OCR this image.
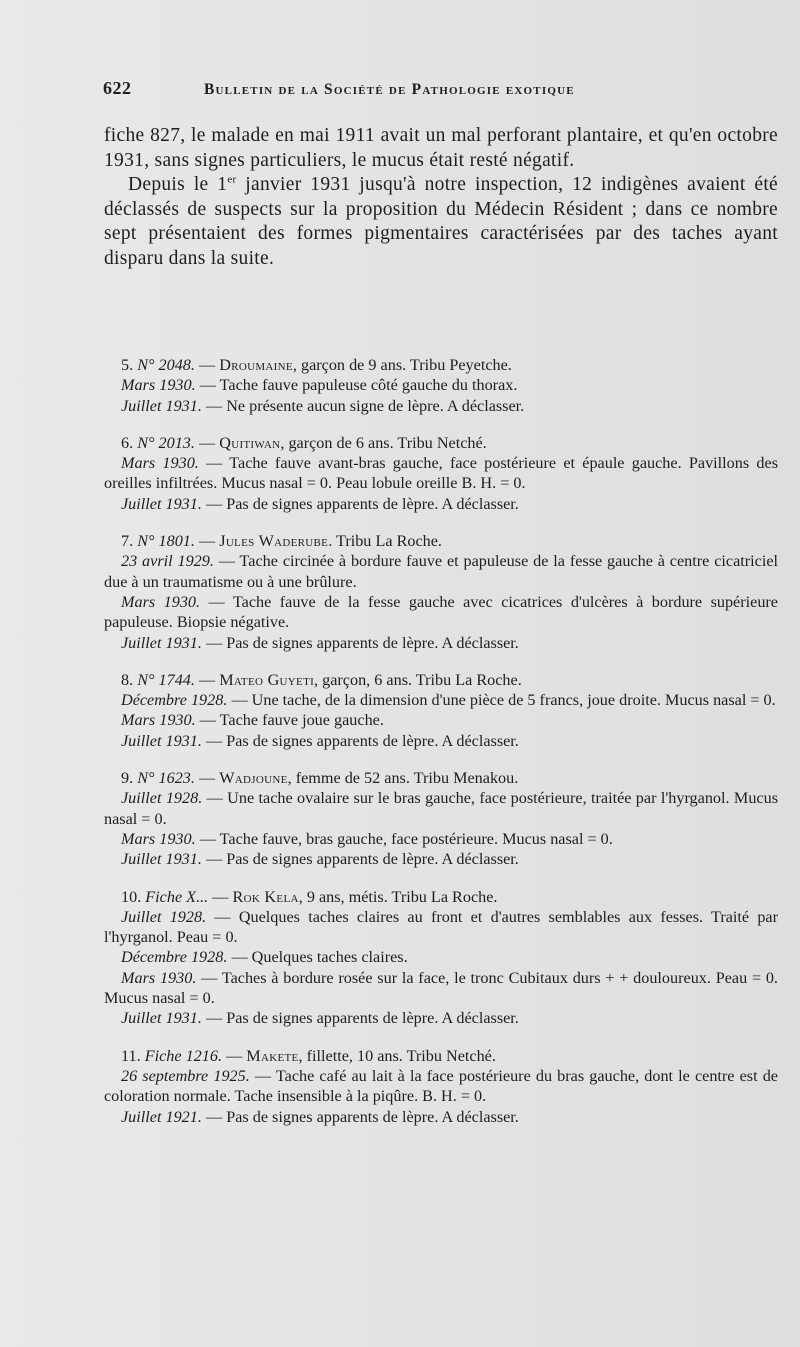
622	Bulletin de la Société de Pathologie exotique

fiche 827, le malade en mai 1911 avait un mal perforant plantaire, et qu'en octobre 1931, sans signes particuliers, le mucus était resté négatif.

Depuis le 1er janvier 1931 jusqu'à notre inspection, 12 indigènes avaient été déclassés de suspects sur la proposition du Médecin Résident ; dans ce nombre sept présentaient des formes pigmentaires caractérisées par des taches ayant disparu dans la suite.

5. N° 2048. — Droumaine, garçon de 9 ans. Tribu Peyetche.

Mars 1930. — Tache fauve papuleuse côté gauche du thorax.

Juillet 1931. — Ne présente aucun signe de lèpre. A déclasser.

6. N° 2013. — Quitiwan, garçon de 6 ans. Tribu Netché.

Mars 1930. — Tache fauve avant-bras gauche, face postérieure et épaule gauche. Pavillons des oreilles infiltrées. Mucus nasal = 0. Peau lobule oreille B. H. = 0.

Juillet 1931. — Pas de signes apparents de lèpre. A déclasser.

7. N° 1801. — Jules Waderube. Tribu La Roche.

23 avril 1929. — Tache circinée à bordure fauve et papuleuse de la fesse gauche à centre cicatriciel due à un traumatisme ou à une brûlure.

Mars 1930. — Tache fauve de la fesse gauche avec cicatrices d'ulcères à bordure supérieure papuleuse. Biopsie négative.

Juillet 1931. — Pas de signes apparents de lèpre. A déclasser.

8. N° 1744. — Mateo Guyeti, garçon, 6 ans. Tribu La Roche.

Décembre 1928. — Une tache, de la dimension d'une pièce de 5 francs, joue droite. Mucus nasal = 0.

Mars 1930. — Tache fauve joue gauche.

Juillet 1931. — Pas de signes apparents de lèpre. A déclasser.

9. N° 1623. — Wadjoune, femme de 52 ans. Tribu Menakou.

Juillet 1928. — Une tache ovalaire sur le bras gauche, face postérieure, traitée par l'hyrganol. Mucus nasal = 0.

Mars 1930. — Tache fauve, bras gauche, face postérieure. Mucus nasal = 0.

Juillet 1931. — Pas de signes apparents de lèpre. A déclasser.

10. Fiche X... — Rok Kela, 9 ans, métis. Tribu La Roche.

Juillet 1928. — Quelques taches claires au front et d'autres semblables aux fesses. Traité par l'hyrganol. Peau = 0.

Décembre 1928. — Quelques taches claires.

Mars 1930. — Taches à bordure rosée sur la face, le tronc Cubitaux durs + + douloureux. Peau = 0. Mucus nasal = 0.

Juillet 1931. — Pas de signes apparents de lèpre. A déclasser.

11. Fiche 1216. — Makete, fillette, 10 ans. Tribu Netché.

26 septembre 1925. — Tache café au lait à la face postérieure du bras gauche, dont le centre est de coloration normale. Tache insensible à la piqûre. B. H. = 0.

Juillet 1921. — Pas de signes apparents de lèpre. A déclasser.
